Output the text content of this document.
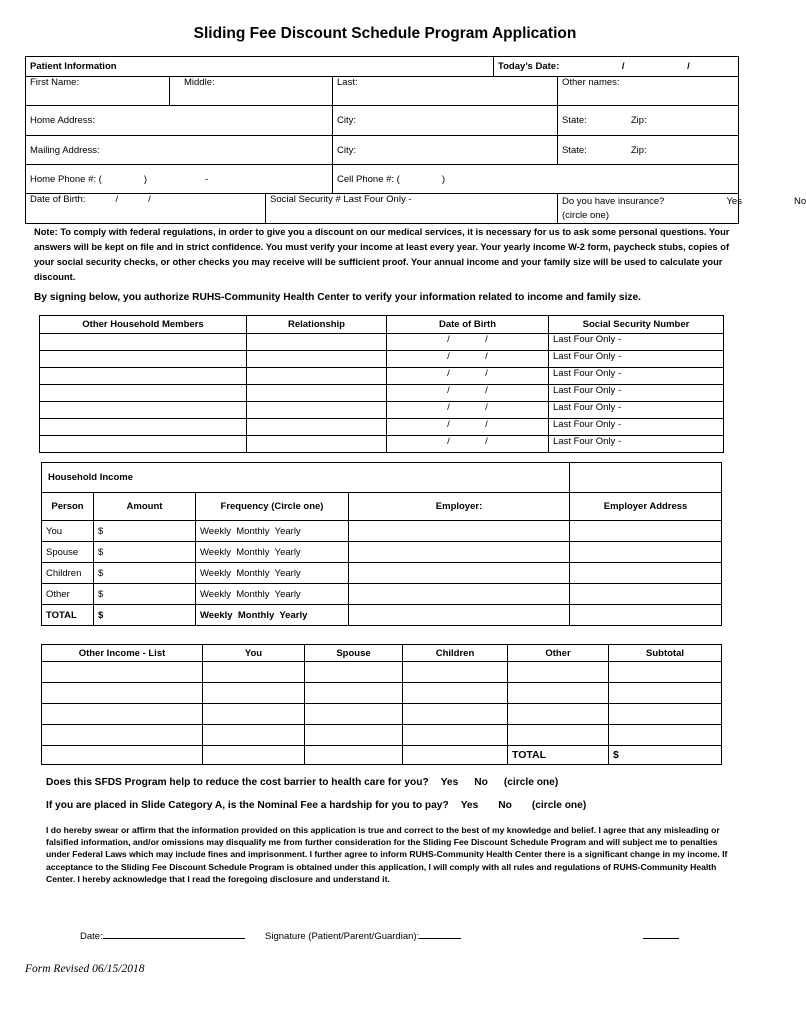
Sliding Fee Discount Schedule Program Application
Patient Information				Today’s Date: / /	
First Name:	Middle:		Last:		Other names:
Home Address:			City:		State: Zip:
Mailing Address:			City:		State: Zip:
Home Phone #: ( ) -			Cell Phone #: ( )		
Date of Birth: / /		Social Security # Last Four Only -			Do you have insurance? Yes No
(circle one)
Note: To comply with federal regulations, in order to give you a discount on our medical services, it is necessary for us to ask some personal questions. Your answers will be kept on file and in strict confidence. You must verify your income at least every year. Your yearly income W-2 form, paycheck stubs, copies of your social security checks, or other checks you may receive will be sufficient proof. Your annual income and your family size will be used to calculate your discount.
By signing below, you authorize RUHS-Community Health Center to verify your information related to income and family size.
Other Household Members	Relationship	Date of Birth	Social Security Number
		/ /	Last Four Only -
		/ /	Last Four Only -
		/ /	Last Four Only -
		/ /	Last Four Only -
		/ /	Last Four Only -
		/ /	Last Four Only -
		/ /	Last Four Only -
Household Income				
Person	Amount	Frequency (Circle one)	Employer:	Employer Address
You	$	Weekly  Monthly  Yearly		
Spouse	$	Weekly  Monthly  Yearly		
Children	$	Weekly  Monthly  Yearly		
Other	$	Weekly  Monthly  Yearly		
TOTAL	$	Weekly  Monthly  Yearly		
Other Income - List	You	Spouse	Children	Other	Subtotal

				TOTAL	$
Does this SFDS Program help to reduce the cost barrier to health care for you? Yes No (circle one)
If you are placed in Slide Category A, is the Nominal Fee a hardship for you to pay? Yes No (circle one)
I do hereby swear or affirm that the information provided on this application is true and correct to the best of my knowledge and belief. I agree that any misleading or falsified information, and/or omissions may disqualify me from further consideration for the Sliding Fee Discount Schedule Program and will subject me to penalties under Federal Laws which may include fines and imprisonment. I further agree to inform RUHS-Community Health Center there is a significant change in my income. If acceptance to the Sliding Fee Discount Schedule Program is obtained under this application, I will comply with all rules and regulations of RUHS-Community Health Center. I hereby acknowledge that I read the foregoing disclosure and understand it.
Date:	Signature (Patient/Parent/Guardian):
Form Revised 06/15/2018
